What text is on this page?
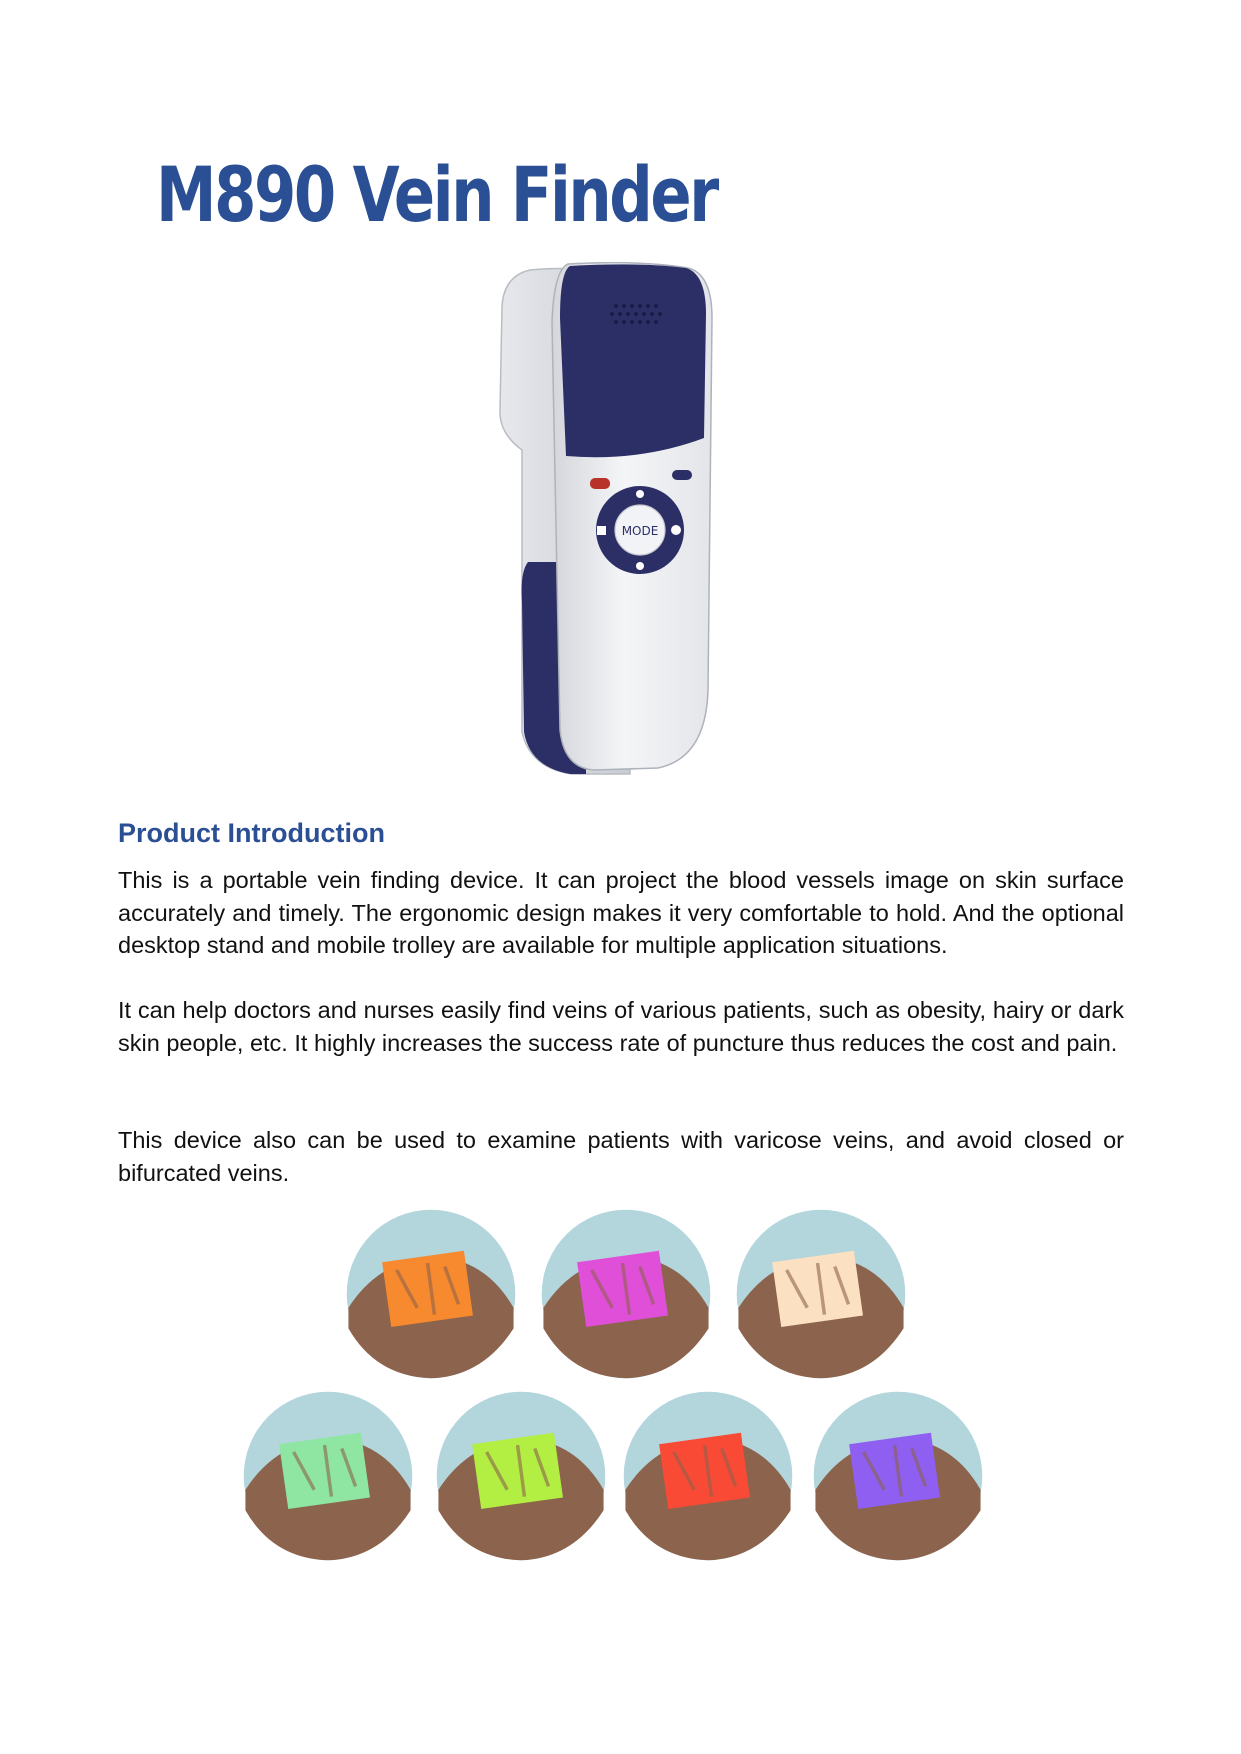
M890 Vein Finder
MODE
Product Introduction

This is a portable vein finding device. It can project the blood vessels image on skin surface accurately and timely. The ergonomic design makes it very comfortable to hold. And the optional desktop stand and mobile trolley are available for multiple application situations.

It can help doctors and nurses easily find veins of various patients, such as obesity, hairy or dark skin people, etc. It highly increases the success rate of puncture thus reduces the cost and pain.

This device also can be used to examine patients with varicose veins, and avoid closed or bifurcated veins.
